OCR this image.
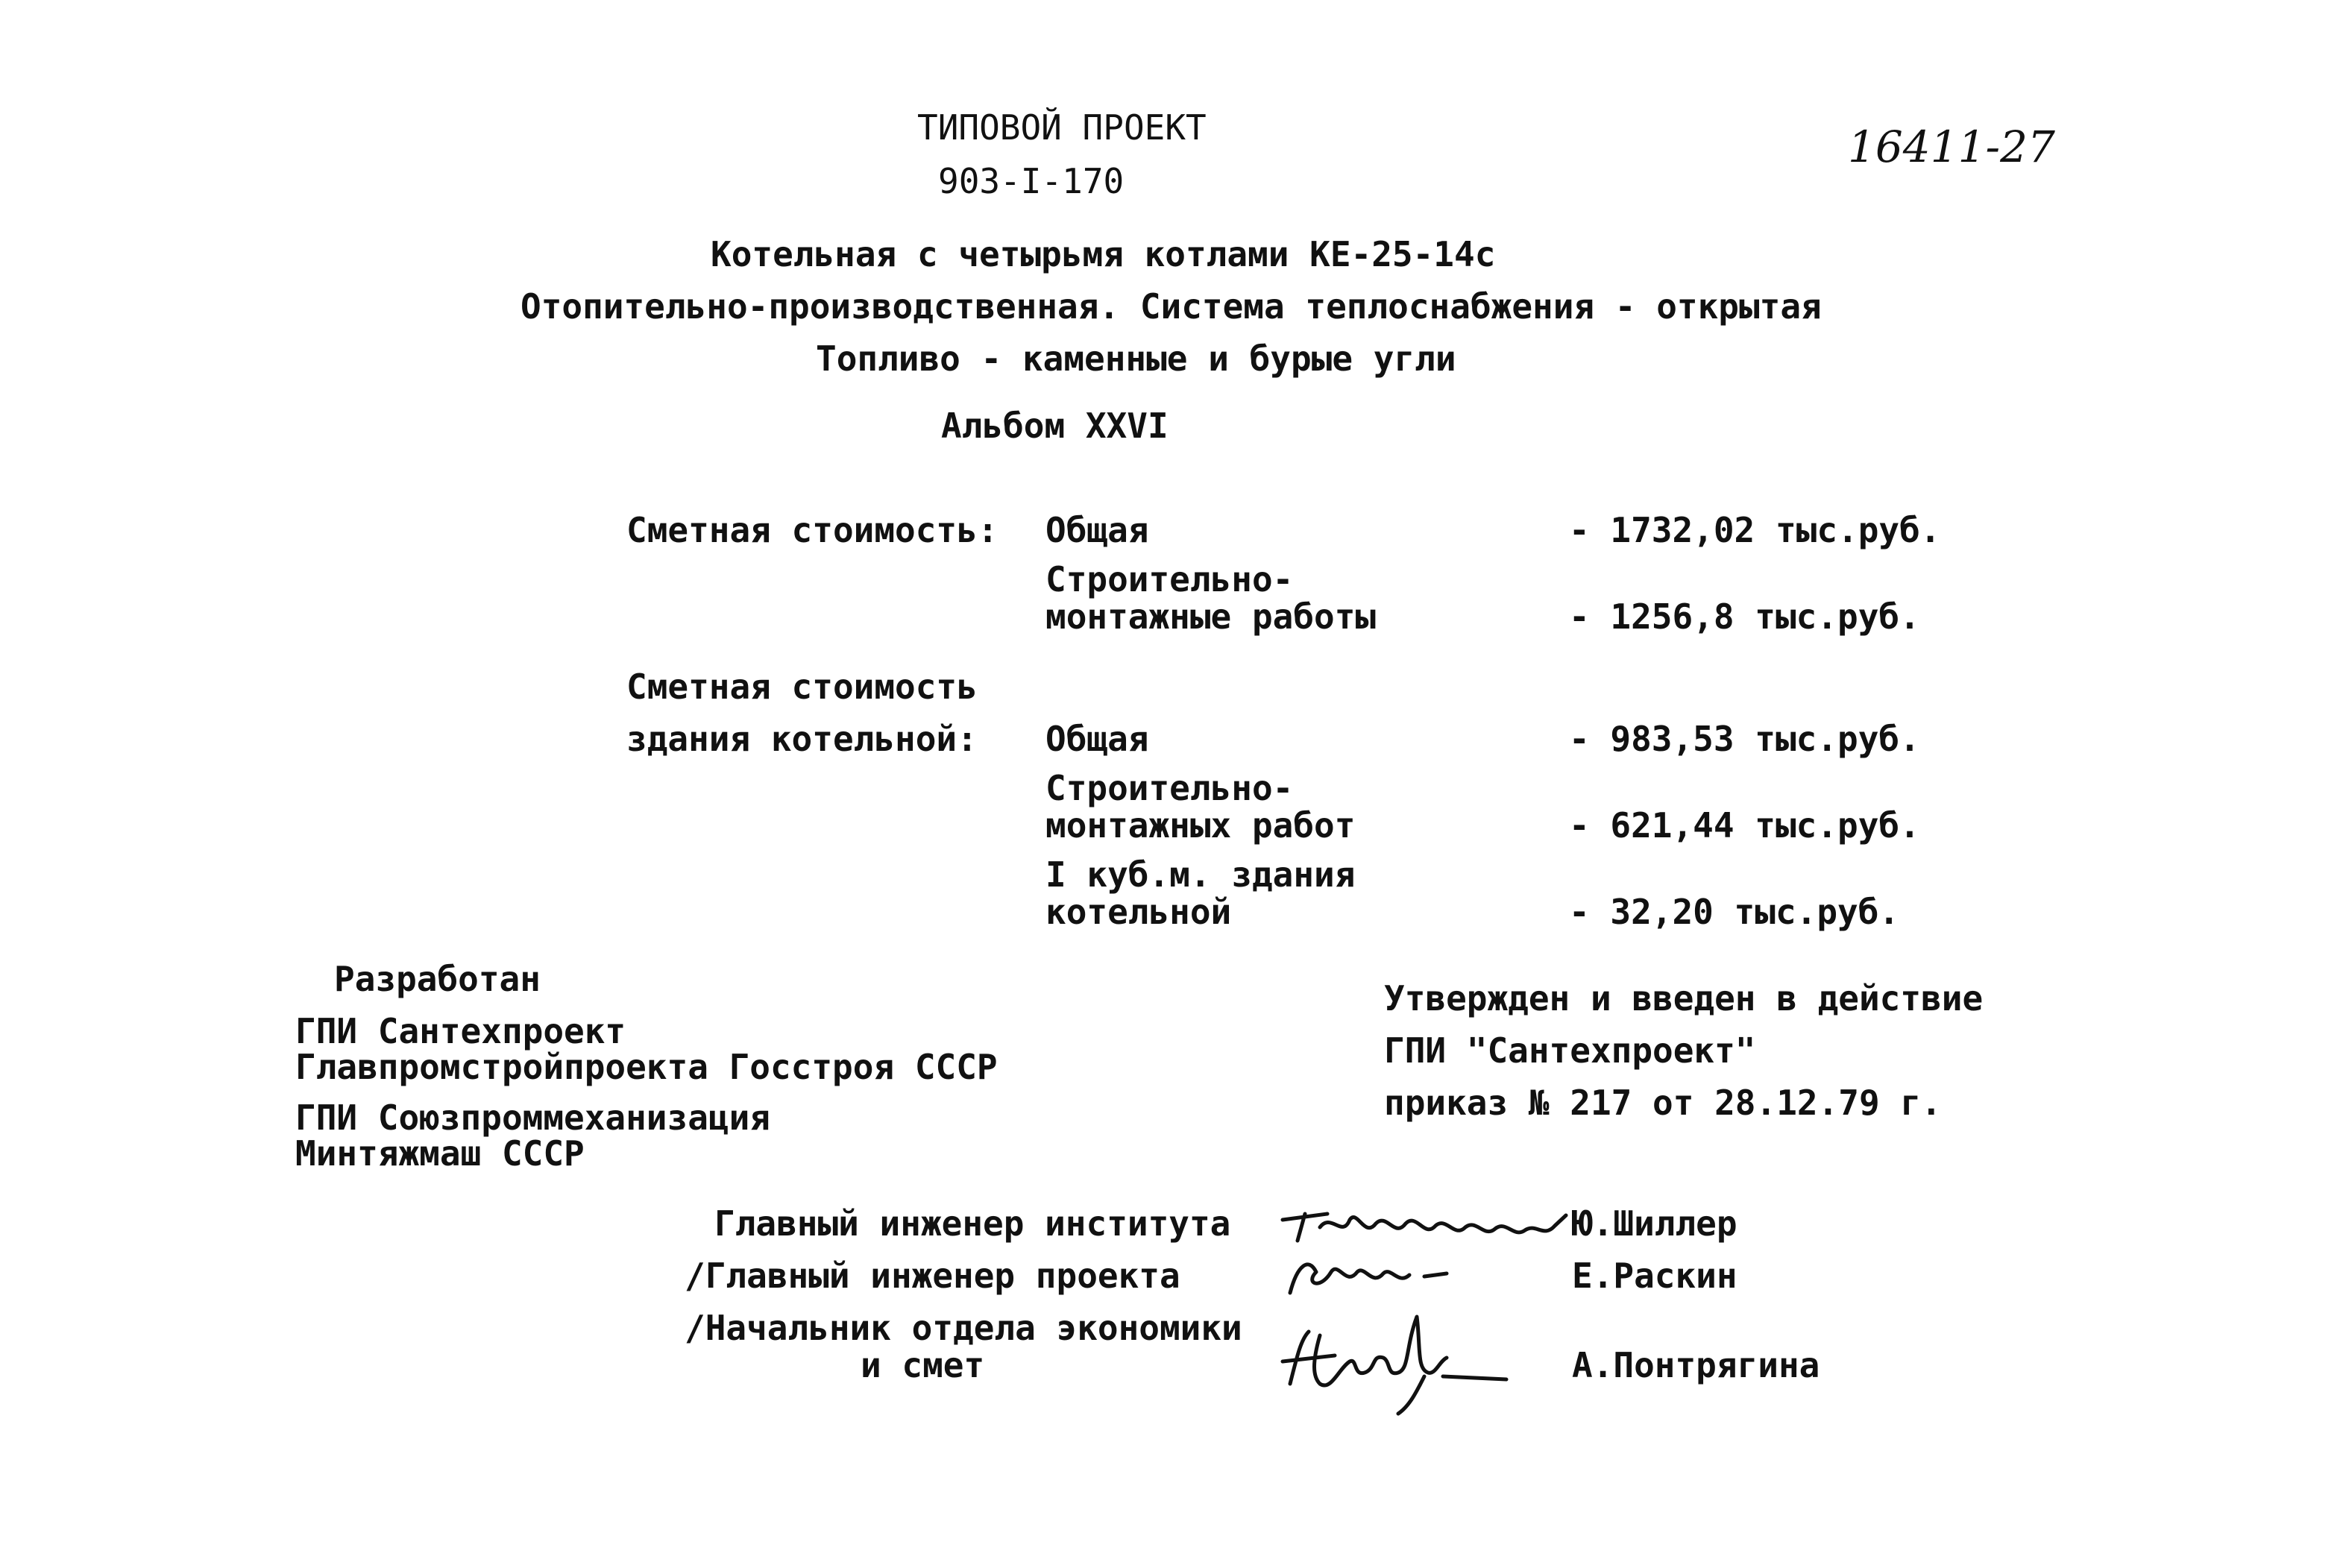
ТИПОВОЙ ПРОЕКТ
903-I-170
16411-27
Котельная с четырьмя котлами КЕ-25-14с
Отопительно-производственная. Система теплоснабжения - открытая
Топливо - каменные и бурые угли
Альбом XXVI
Сметная стоимость: Общая	- 1732,02 тыс.руб.
Строительно-
монтажные работы	- 1256,8 тыс.руб.
Сметная стоимость
здания котельной: Общая	- 983,53 тыс.руб.
Строительно-
монтажных работ	- 621,44 тыс.руб.
I куб.м. здания
котельной	- 32,20 тыс.руб.
Разработан
ГПИ Сантехпроект
Главпромстройпроекта Госстроя СССР
ГПИ Союзпроммеханизация
Минтяжмаш СССР
Утвержден и введен в действие
ГПИ "Сантехпроект"
приказ № 217 от 28.12.79 г.
Главный инженер института	Ю.Шиллер
/Главный инженер проекта	Е.Раскин
/Начальник отдела экономики
и смет	А.Понтрягина
